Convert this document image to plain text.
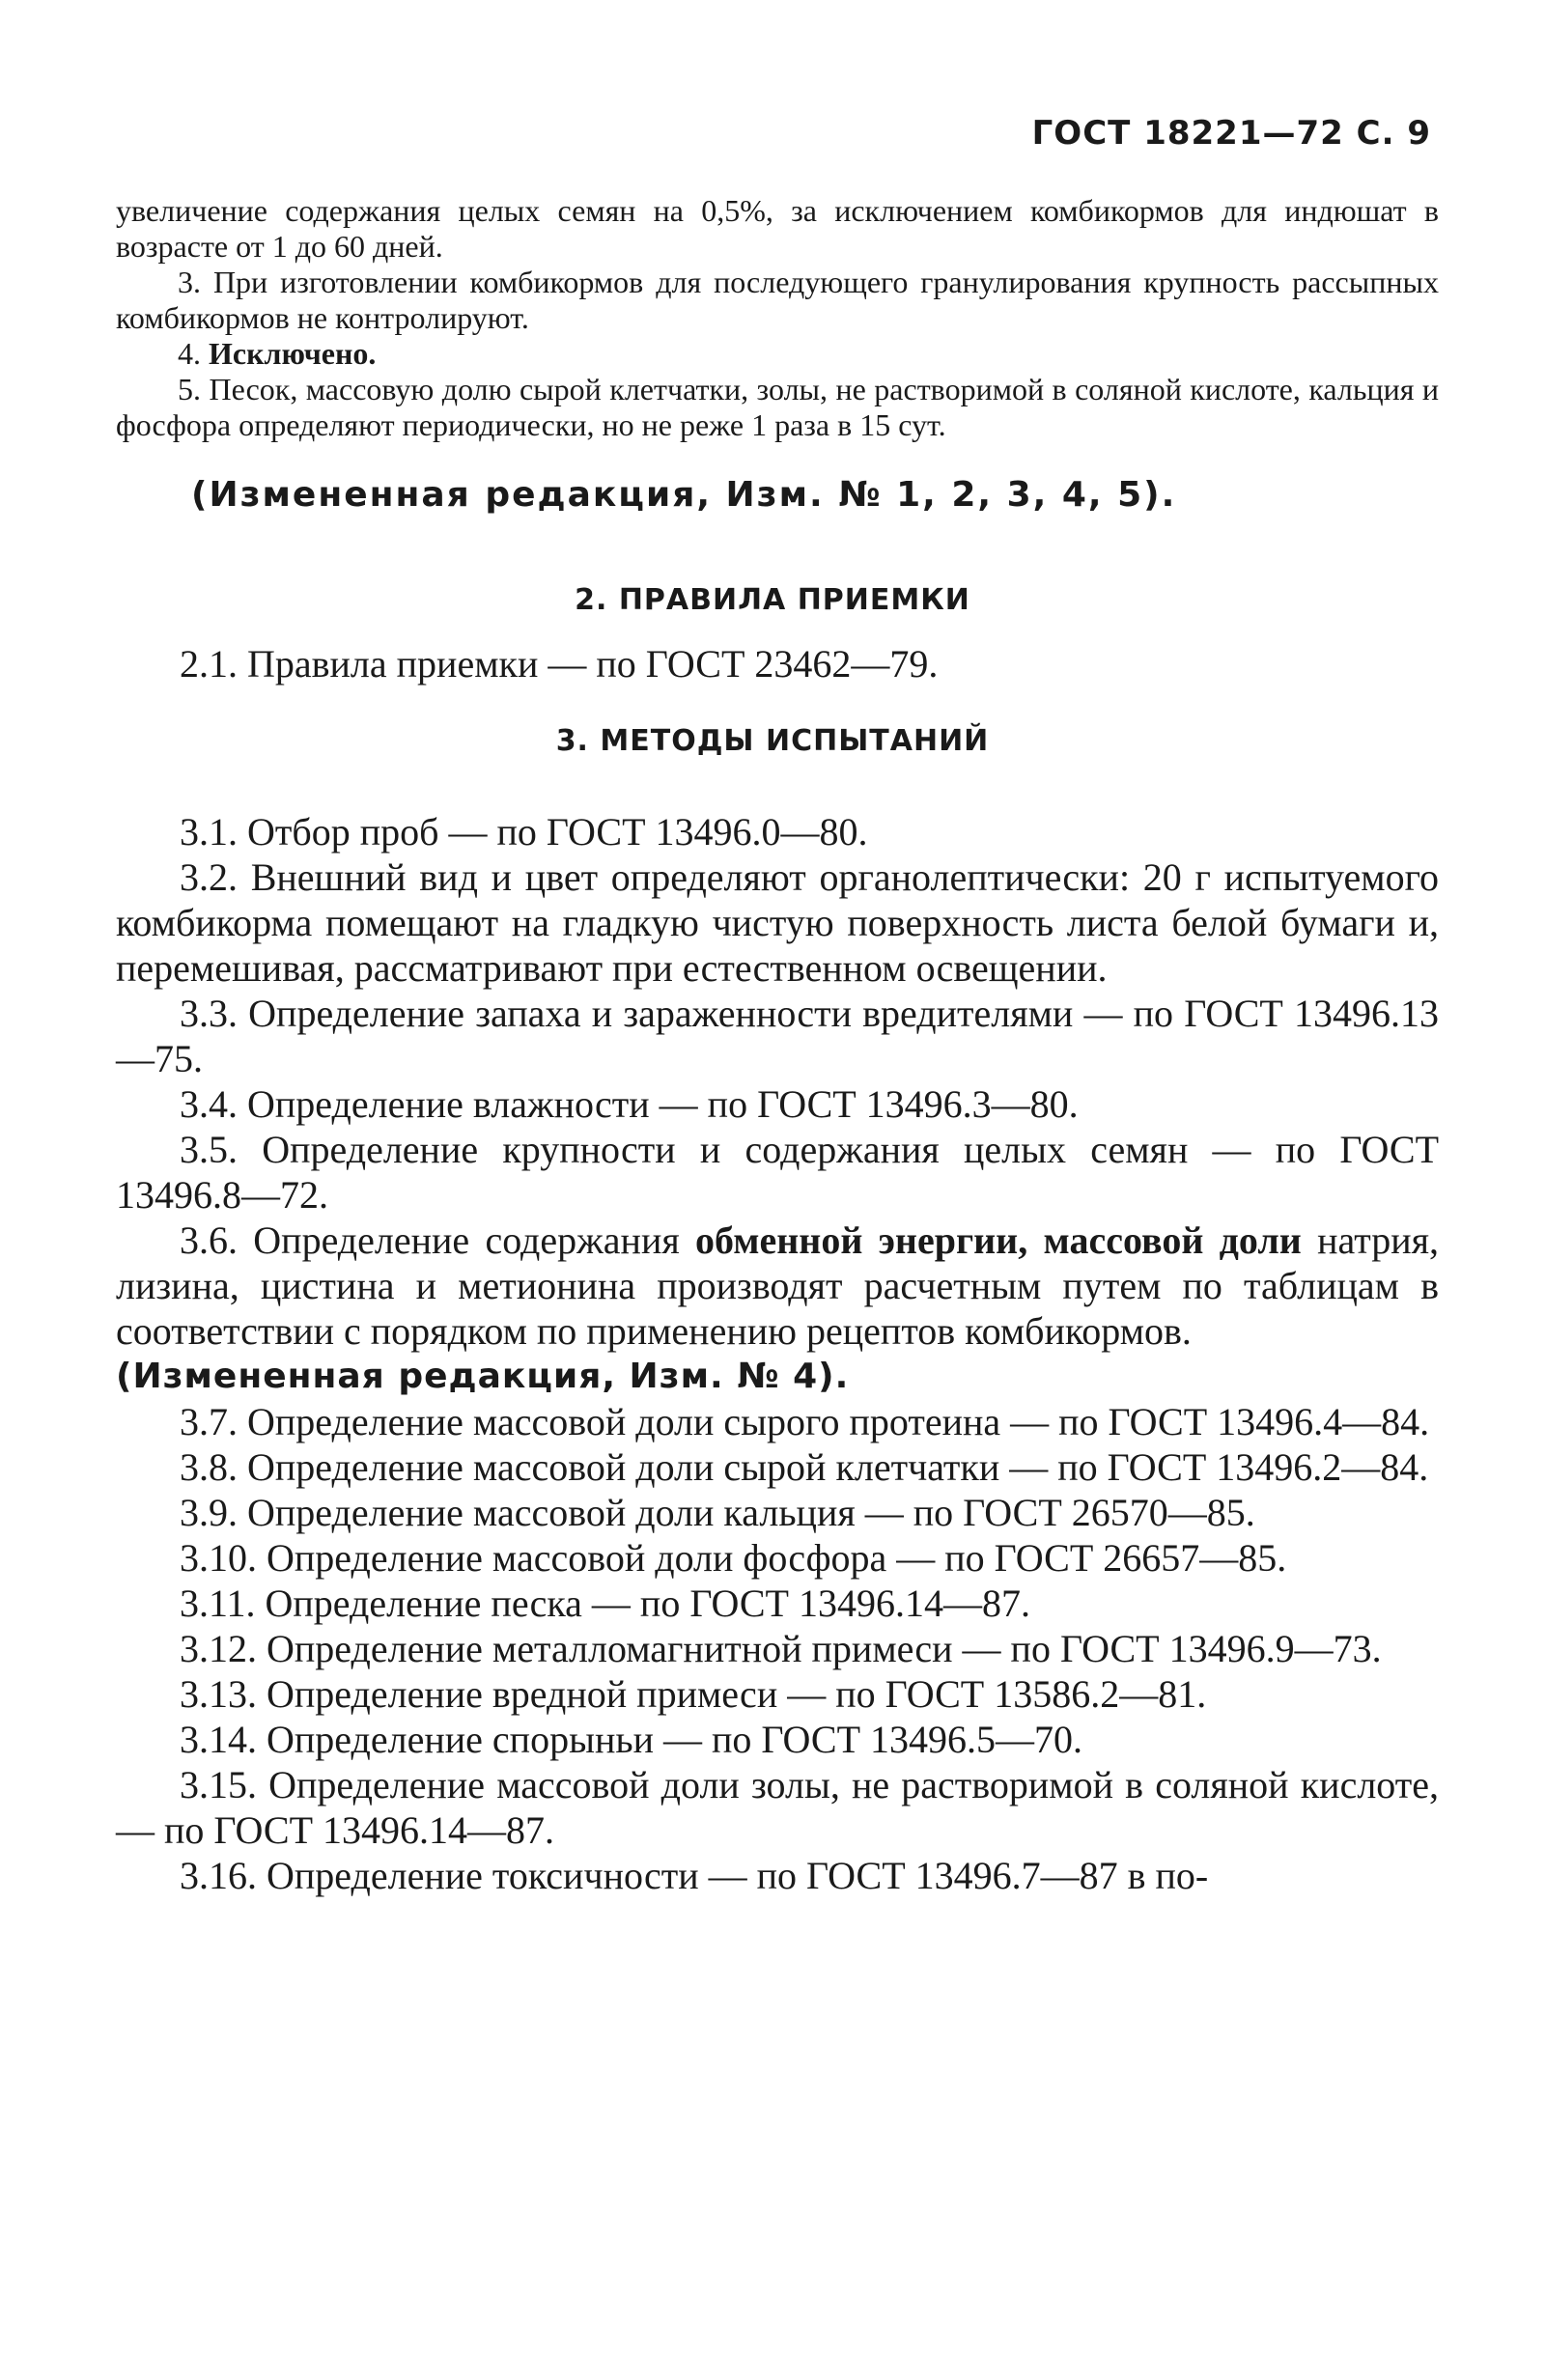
ГОСТ 18221—72 С. 9

увеличение содержания целых семян на 0,5%, за исключением комбикормов для индюшат в возрасте от 1 до 60 дней.

3. При изготовлении комбикормов для последующего гранулирования крупность рассыпных комбикормов не контролируют.

4. Исключено.

5. Песок, массовую долю сырой клетчатки, золы, не растворимой в соляной кислоте, кальция и фосфора определяют периодически, но не реже 1 раза в 15 сут.

(Измененная редакция, Изм. № 1, 2, 3, 4, 5).
2. ПРАВИЛА ПРИЕМКИ

2.1. Правила приемки — по ГОСТ 23462—79.

3. МЕТОДЫ ИСПЫТАНИЙ

3.1. Отбор проб — по ГОСТ 13496.0—80.

3.2. Внешний вид и цвет определяют органолептически: 20 г испытуемого комбикорма помещают на гладкую чистую поверхность листа белой бумаги и, перемешивая, рассматривают при естественном освещении.

3.3. Определение запаха и зараженности вредителями — по ГОСТ 13496.13—75.

3.4. Определение влажности — по ГОСТ 13496.3—80.

3.5. Определение крупности и содержания целых семян — по ГОСТ 13496.8—72.

3.6. Определение содержания обменной энергии, массовой доли натрия, лизина, цистина и метионина производят расчетным путем по таблицам в соответствии с порядком по применению рецептов комбикормов.

(Измененная редакция, Изм. № 4).

3.7. Определение массовой доли сырого протеина — по ГОСТ 13496.4—84.

3.8. Определение массовой доли сырой клетчатки — по ГОСТ 13496.2—84.

3.9. Определение массовой доли кальция — по ГОСТ 26570—85.

3.10. Определение массовой доли фосфора — по ГОСТ 26657—85.

3.11. Определение песка — по ГОСТ 13496.14—87.

3.12. Определение металломагнитной примеси — по ГОСТ 13496.9—73.

3.13. Определение вредной примеси — по ГОСТ 13586.2—81.

3.14. Определение спорыньи — по ГОСТ 13496.5—70.

3.15. Определение массовой доли золы, не растворимой в соляной кислоте, — по ГОСТ 13496.14—87.

3.16. Определение токсичности — по ГОСТ 13496.7—87 в по-
